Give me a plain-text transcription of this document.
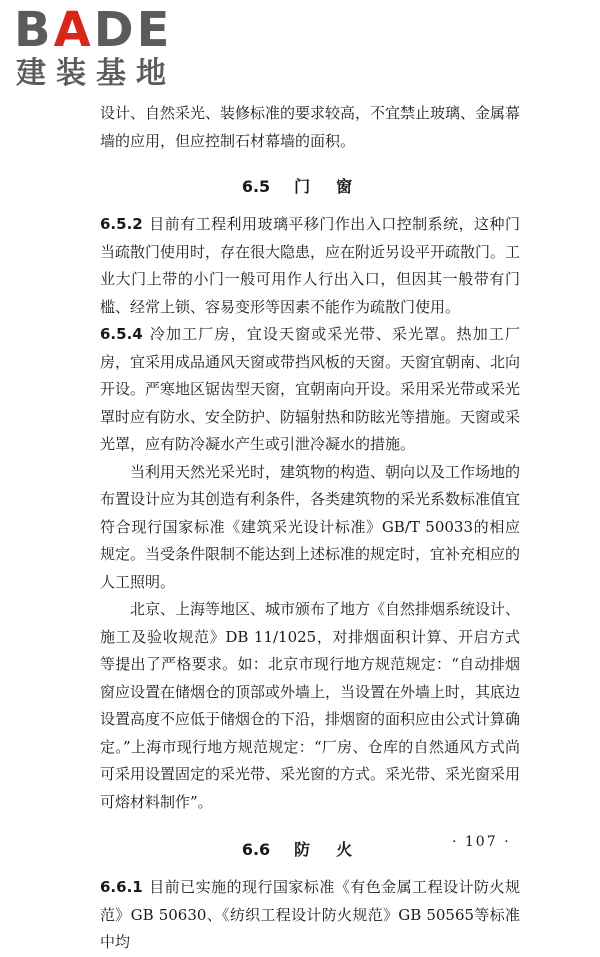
BADE
建装基地

设计、自然采光、装修标准的要求较高，不宜禁止玻璃、金属幕墙的应用，但应控制石材幕墙的面积。

6.5 门窗

6.5.2 目前有工程利用玻璃平移门作出入口控制系统，这种门当疏散门使用时，存在很大隐患，应在附近另设平开疏散门。工业大门上带的小门一般可用作人行出入口，但因其一般带有门槛、经常上锁、容易变形等因素不能作为疏散门使用。

6.5.4 冷加工厂房，宜设天窗或采光带、采光罩。热加工厂房，宜采用成品通风天窗或带挡风板的天窗。天窗宜朝南、北向开设。严寒地区锯齿型天窗，宜朝南向开设。采用采光带或采光罩时应有防水、安全防护、防辐射热和防眩光等措施。天窗或采光罩，应有防冷凝水产生或引泄冷凝水的措施。

当利用天然光采光时，建筑物的构造、朝向以及工作场地的布置设计应为其创造有利条件，各类建筑物的采光系数标准值宜符合现行国家标准《建筑采光设计标准》GB/T 50033的相应规定。当受条件限制不能达到上述标准的规定时，宜补充相应的人工照明。

北京、上海等地区、城市颁布了地方《自然排烟系统设计、施工及验收规范》DB 11/1025，对排烟面积计算、开启方式等提出了严格要求。如：北京市现行地方规范规定：“自动排烟窗应设置在储烟仓的顶部或外墙上，当设置在外墙上时，其底边设置高度不应低于储烟仓的下沿，排烟窗的面积应由公式计算确定。”上海市现行地方规范规定：“厂房、仓库的自然通风方式尚可采用设置固定的采光带、采光窗的方式。采光带、采光窗采用可熔材料制作”。

6.6 防火

6.6.1 目前已实施的现行国家标准《有色金属工程设计防火规范》GB 50630、《纺织工程设计防火规范》GB 50565等标准中均

· 107 ·
